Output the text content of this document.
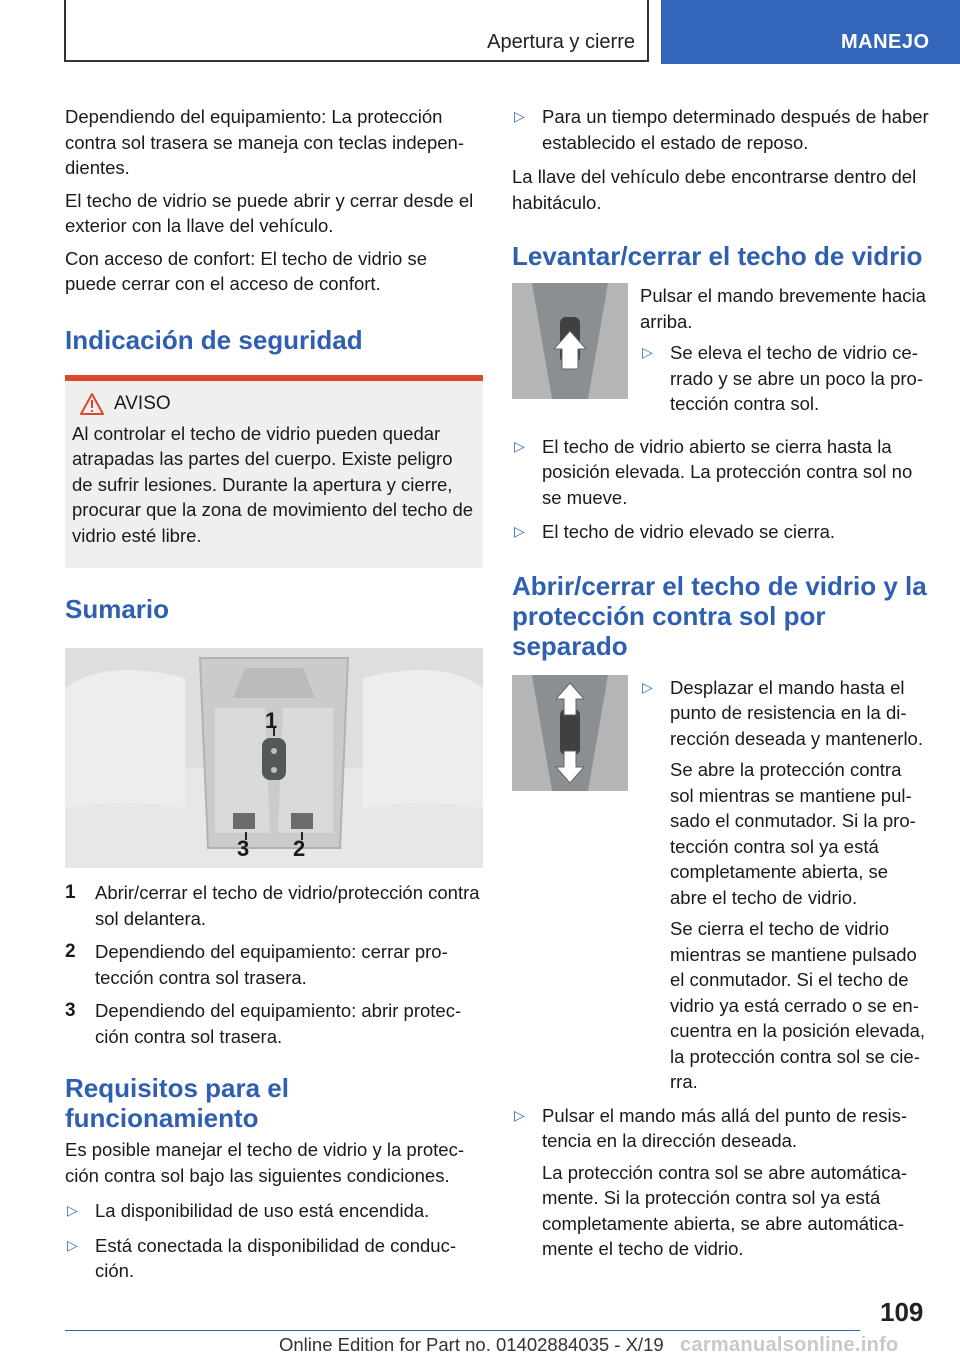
Apertura y cierre	MANEJO

Dependiendo del equipamiento: La protección contra sol trasera se maneja con teclas independientes.

El techo de vidrio se puede abrir y cerrar desde el exterior con la llave del vehículo.

Con acceso de confort: El techo de vidrio se puede cerrar con el acceso de confort.

Indicación de seguridad
AVISO

Al controlar el techo de vidrio pueden quedar atrapadas las partes del cuerpo. Existe peligro de sufrir lesiones. Durante la apertura y cierre, procurar que la zona de movimiento del techo de vidrio esté libre.

Sumario
1
3 2
1 Abrir/cerrar el techo de vidrio/protección contra sol delantera.

2 Dependiendo del equipamiento: cerrar protección contra sol trasera.

3 Dependiendo del equipamiento: abrir protección contra sol trasera.

Requisitos para el funcionamiento

Es posible manejar el techo de vidrio y la protección contra sol bajo las siguientes condiciones.

▷ La disponibilidad de uso está encendida.

▷ Está conectada la disponibilidad de conducción.

▷ Para un tiempo determinado después de haber establecido el estado de reposo.

La llave del vehículo debe encontrarse dentro del habitáculo.

Levantar/cerrar el techo de vidrio

Pulsar el mando brevemente hacia arriba.

▷ Se eleva el techo de vidrio cerrado y se abre un poco la protección contra sol.

▷ El techo de vidrio abierto se cierra hasta la posición elevada. La protección contra sol no se mueve.

▷ El techo de vidrio elevado se cierra.

Abrir/cerrar el techo de vidrio y la protección contra sol por separado
▷ Desplazar el mando hasta el punto de resistencia en la dirección deseada y mantenerlo.

Se abre la protección contra sol mientras se mantiene pulsado el conmutador. Si la protección contra sol ya está completamente abierta, se abre el techo de vidrio.

Se cierra el techo de vidrio mientras se mantiene pulsado el conmutador. Si el techo de vidrio ya está cerrado o se encuentra en la posición elevada, la protección contra sol se cierra.

▷ Pulsar el mando más allá del punto de resistencia en la dirección deseada.

La protección contra sol se abre automáticamente. Si la protección contra sol ya está completamente abierta, se abre automáticamente el techo de vidrio.

109
Online Edition for Part no. 01402884035 - X/19 carmanualsonline.info
